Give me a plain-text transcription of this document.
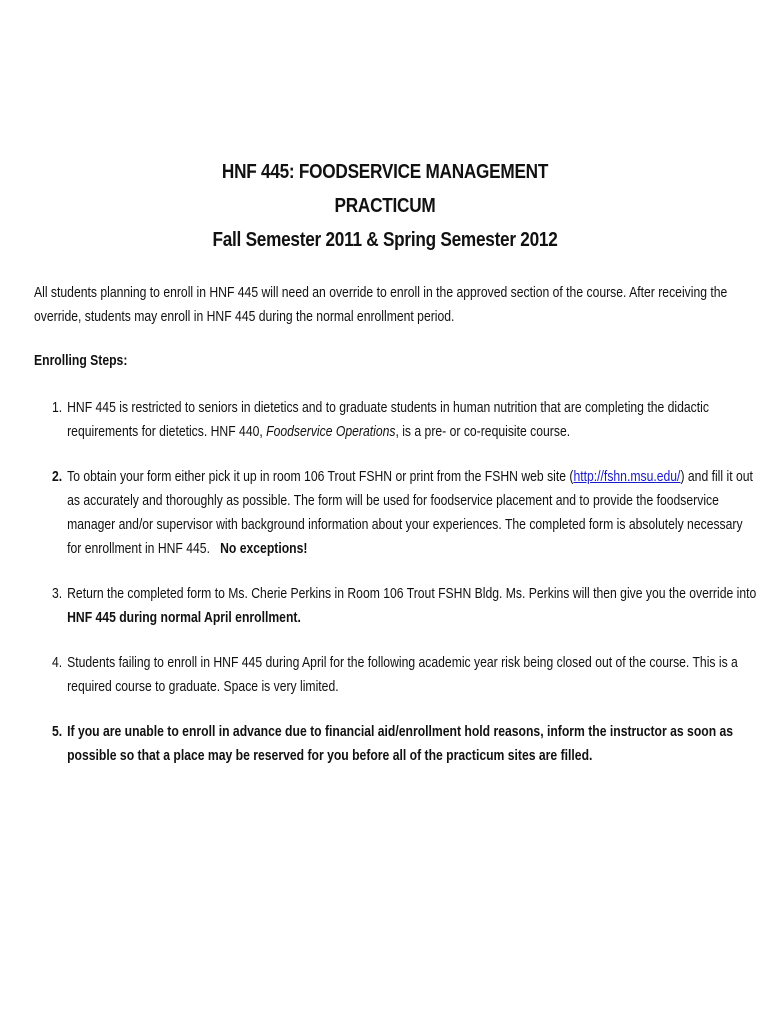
HNF 445: FOODSERVICE MANAGEMENT
PRACTICUM
Fall Semester 2011 & Spring Semester 2012
All students planning to enroll in HNF 445 will need an override to enroll in the approved section of the course. After receiving the
override, students may enroll in HNF 445 during the normal enrollment period.
Enrolling Steps:
1. HNF 445 is restricted to seniors in dietetics and to graduate students in human nutrition that are completing the didactic
requirements for dietetics. HNF 440, Foodservice Operations, is a pre- or co-requisite course.
2. To obtain your form either pick it up in room 106 Trout FSHN or print from the FSHN web site (http://fshn.msu.edu/) and fill it out
as accurately and thoroughly as possible. The form will be used for foodservice placement and to provide the foodservice
manager and/or supervisor with background information about your experiences. The completed form is absolutely necessary
for enrollment in HNF 445.   No exceptions!
3. Return the completed form to Ms. Cherie Perkins in Room 106 Trout FSHN Bldg. Ms. Perkins will then give you the override into
HNF 445 during normal April enrollment.
4. Students failing to enroll in HNF 445 during April for the following academic year risk being closed out of the course. This is a
required course to graduate. Space is very limited.
5. If you are unable to enroll in advance due to financial aid/enrollment hold reasons, inform the instructor as soon as
possible so that a place may be reserved for you before all of the practicum sites are filled.
